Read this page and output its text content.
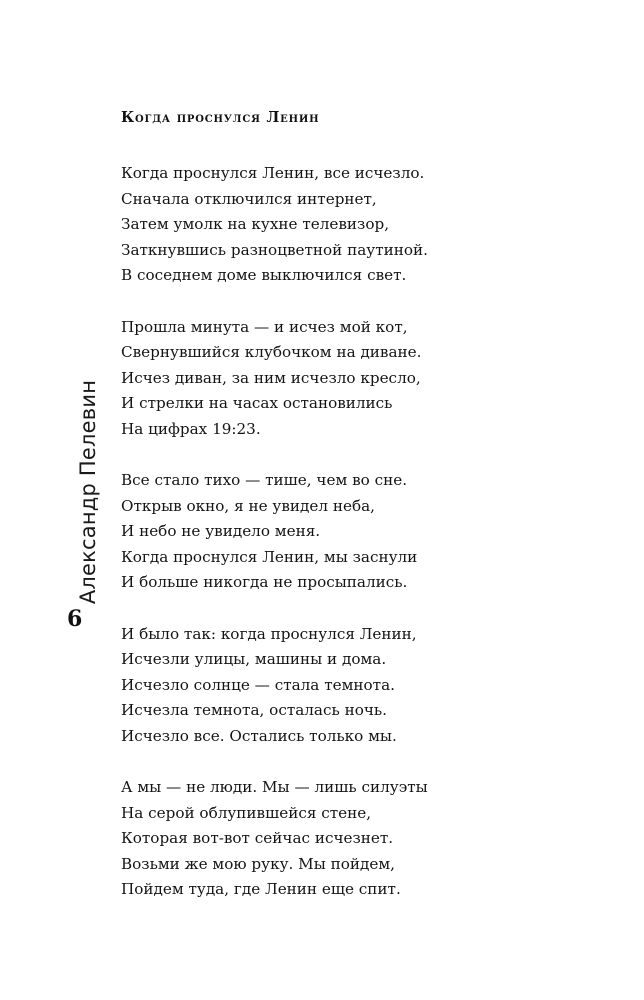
Александр Пелевин
6
Когда проснулся Ленин
Когда проснулся Ленин, все исчезло.
Сначала отключился интернет,
Затем умолк на кухне телевизор,
Заткнувшись разноцветной паутиной.
В соседнем доме выключился свет.
Прошла минута — и исчез мой кот,
Свернувшийся клубочком на диване.
Исчез диван, за ним исчезло кресло,
И стрелки на часах остановились
На цифрах 19:23.
Все стало тихо — тише, чем во сне.
Открыв окно, я не увидел неба,
И небо не увидело меня.
Когда проснулся Ленин, мы заснули
И больше никогда не просыпались.
И было так: когда проснулся Ленин,
Исчезли улицы, машины и дома.
Исчезло солнце — стала темнота.
Исчезла темнота, осталась ночь.
Исчезло все. Остались только мы.
А мы — не люди. Мы — лишь силуэты
На серой облупившейся стене,
Которая вот-вот сейчас исчезнет.
Возьми же мою руку. Мы пойдем,
Пойдем туда, где Ленин еще спит.
